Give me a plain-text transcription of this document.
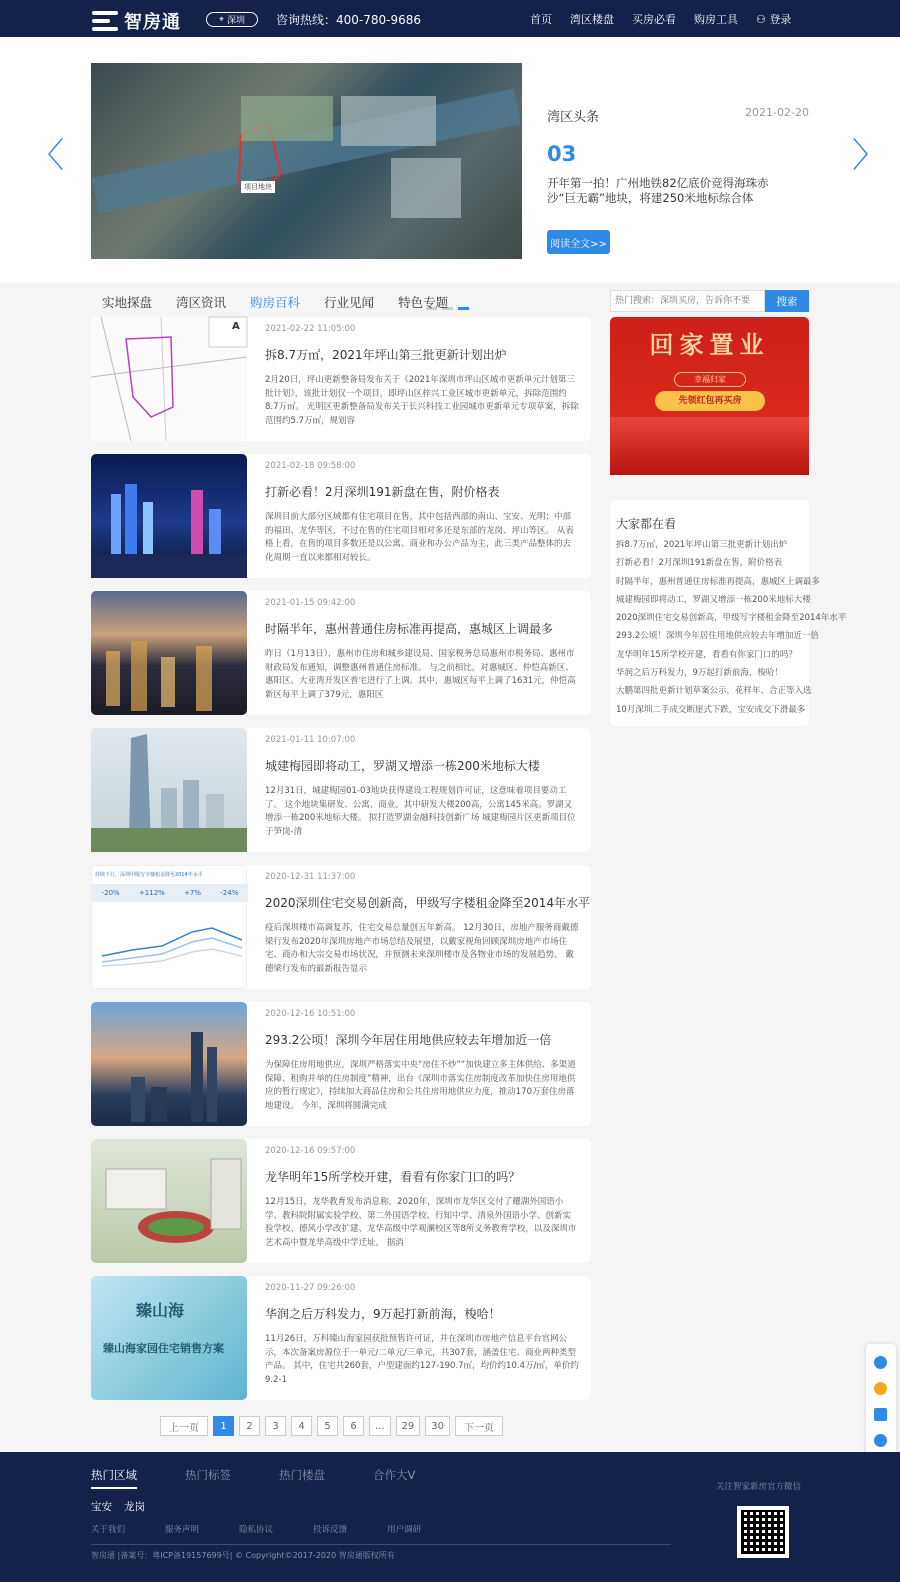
智房通	⌖ 深圳	咨询热线：400-780-9686	首页 湾区楼盘 买房必看 购房工具 ⚇ 登录
〈
项目地块
湾区头条	2021-02-20
03
开年第一拍！广州地铁82亿底价竞得海珠赤沙“巨无霸”地块，将建250米地标综合体
阅读全文>>
〉
实地探盘 湾区资讯 购房百科 行业见闻 特色专题
热门搜索：深圳买房，告诉你不要	搜索
A	2021-02-22 11:05:00
拆8.7万㎡，2021年坪山第三批更新计划出炉
2月20日，坪山更新整备局发布关于《2021年深圳市坪山区城市更新单元计划第三批计划》，该批计划仅一个项目，即坪山区梓兴工业区城市更新单元，拆除范围约8.7万㎡。 光明区更新整备局发布关于长兴科技工业园城市更新单元专项草案，拆除范围约5.7万㎡，规划容
2021-02-18 09:58:00
打新必看！2月深圳191新盘在售，附价格表
深圳目前大部分区域都有住宅项目在售，其中包括西部的南山、宝安、光明；中部的福田、龙华等区，不过在售的住宅项目相对多还是东部的龙岗、坪山等区。 从表格上看，在售的项目多数还是以公寓、商业和办公产品为主，此三类产品整体的去化周期一直以来都相对较长。
2021-01-15 09:42:00
时隔半年，惠州普通住房标准再提高，惠城区上调最多
昨日（1月13日），惠州市住房和城乡建设局、国家税务总局惠州市税务局、惠州市财政局发布通知，调整惠州普通住房标准。 与之前相比，对惠城区、仲恺高新区、惠阳区、大亚湾开发区普宅进行了上调。其中，惠城区每平上调了1631元，仲恺高新区每平上调了379元，惠阳区
2021-01-11 10:07:00
城建梅园即将动工，罗湖又增添一栋200米地标大楼
12月31日，城建梅园01-03地块获得建设工程规划许可证，这意味着项目要动工了。 这个地块集研发、公寓、商业。其中研发大楼200高，公寓145米高。罗湖又增添一栋200米地标大楼。 拟打造罗湖金融科技创新广场 城建梅园片区更新项目位于笋岗-清
持续下行，深圳甲级写字楼租金降至2014年水平
-20%	+112%	+7%	-24%
2020-12-31 11:37:00
2020深圳住宅交易创新高，甲级写字楼租金降至2014年水平
疫后深圳楼市高调复苏，住宅交易总量创五年新高。 12月30日，房地产服务商戴德梁行发布2020年深圳房地产市场总结及展望，以戴家视角回顾深圳房地产市场住宅、商办和大宗交易市场状况，并预测未来深圳楼市及各物业市场的发展趋势。 戴德梁行发布的最新报告显示
2020-12-16 10:51:00
293.2公顷！深圳今年居住用地供应较去年增加近一倍
为保障住房用地供应，深圳严格落实中央“房住不炒”“加快建立多主体供给、多渠道保障、租购并举的住房制度”精神，出台《深圳市落实住房制度改革加快住房用地供应的暂行规定》，持续加大商品住房和公共住房用地供应力度，推动170万套住房落地建设。 今年，深圳将圆满完成
2020-12-16 09:57:00
龙华明年15所学校开建，看看有你家门口的吗？
12月15日，龙华教育发布消息称，2020年，深圳市龙华区交付了耀湖外国语小学、教科院附属实验学校、第二外国语学校、行知中学、清泉外国语小学、创新实验学校、德风小学改扩建、龙华高级中学观澜校区等8所义务教育学校，以及深圳市艺术高中暨龙华高级中学迁址。 据消
臻山海
臻山海家园住宅销售方案
2020-11-27 09:26:00
华润之后万科发力，9万起打新前海，梭哈！
11月26日，万科臻山海家园获批预售许可证，并在深圳市房地产信息平台官网公示，本次备案房源位于一单元/二单元/三单元，共307套，涵盖住宅、商业两种类型产品。 其中，住宅共260套，户型建面约127-190.7㎡，均价约10.4万/㎡，单价约9.2-1
回家置业
幸福归家
先领红包再买房
大家都在看
拆8.7万㎡，2021年坪山第三批更新计划出炉
打新必看！2月深圳191新盘在售，附价格表
时隔半年，惠州普通住房标准再提高，惠城区上调最多
城建梅园即将动工，罗湖又增添一栋200米地标大楼
2020深圳住宅交易创新高，甲级写字楼租金降至2014年水平
293.2公顷！深圳今年居住用地供应较去年增加近一倍
龙华明年15所学校开建，看看有你家门口的吗？
华润之后万科发力，9万起打新前海，梭哈！
大鹏第四批更新计划草案公示，花样年、合正等入选
10月深圳二手成交断崖式下跌，宝安成交下滑最多
上一页	1	2	3	4	5	6	...	29	30	下一页
热门区域	热门标签	热门楼盘	合作大V
宝安 龙岗
关于我们	服务声明	隐私协议	投诉反馈	用户调研
智房通 |备案号：粤ICP备19157699号| © Copyright©2017-2020 智房通版权所有
关注智家新房官方微信
